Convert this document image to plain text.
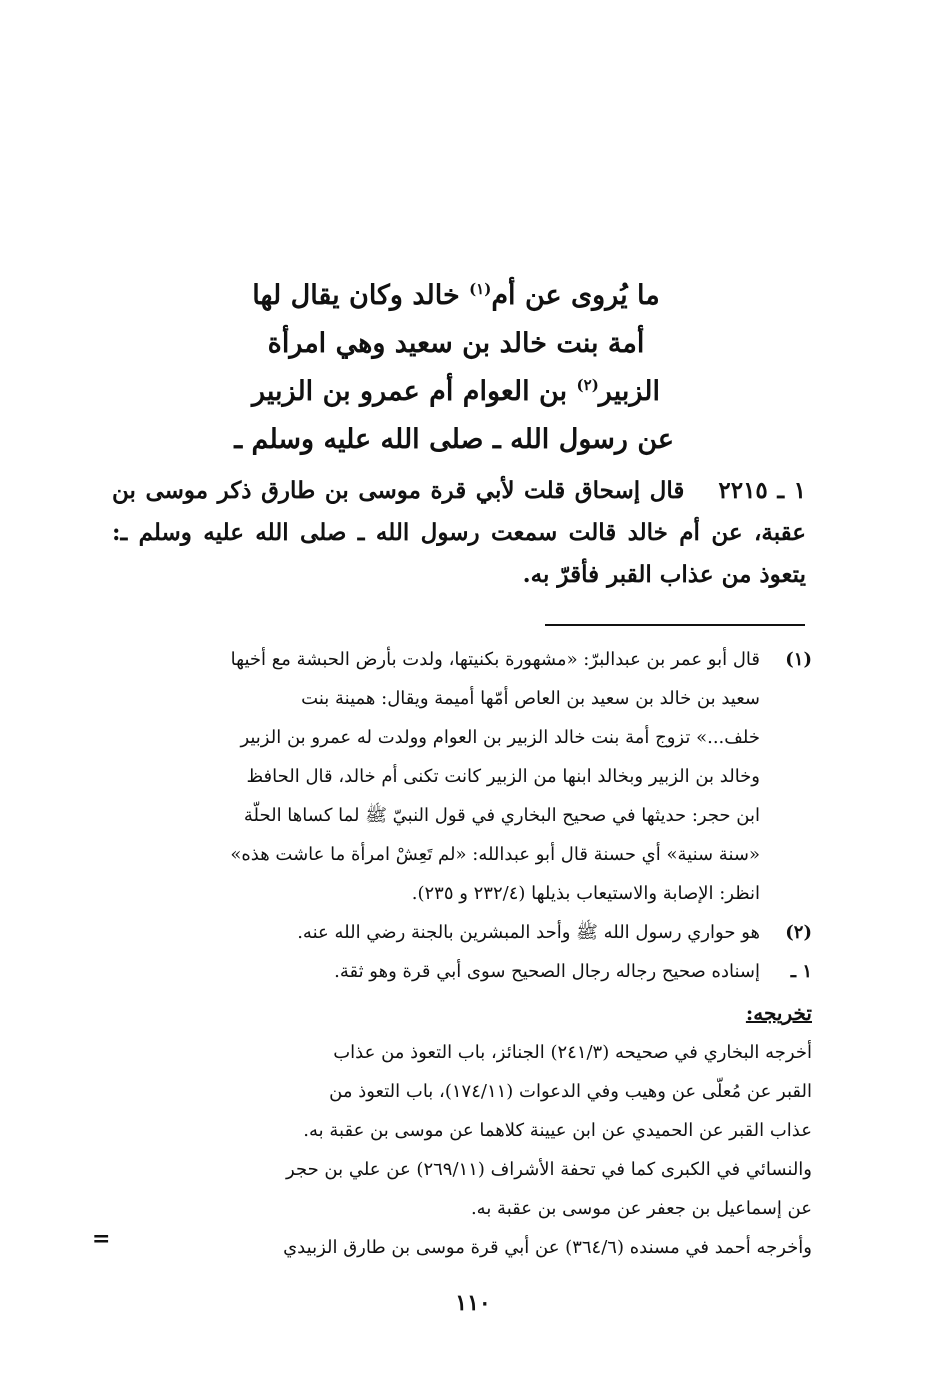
ما يُروى عن أم$^{(١)}$ خالد وكان يقال لها
أمة بنت خالد بن سعيد وهي امرأة
الزبير$^{(٢)}$ بن العوام أم عمرو بن الزبير
عن رسول الله ـ صلى الله عليه وسلم ـ
١ ـ ٢٢١٥قال إسحاق قلت لأبي قرة موسى بن طارق ذكر موسى بن عقبة، عن أم خالد قالت سمعت رسول الله ـ صلى الله عليه وسلم ـ: يتعوذ من عذاب القبر فأقرّ به.
(١)
قال أبو عمر بن عبدالبرّ: «مشهورة بكنيتها، ولدت بأرض الحبشة مع أخيها
سعيد بن خالد بن سعيد بن العاص أمّها أميمة ويقال: همينة بنت
خلف...» تزوج أمة بنت خالد الزبير بن العوام وولدت له عمرو بن الزبير
وخالد بن الزبير وبخالد ابنها من الزبير كانت تكنى أم خالد، قال الحافظ
ابن حجر: حديثها في صحيح البخاري في قول النبيّ ﷺ لما كساها الحلّة
«سنة سنية» أي حسنة قال أبو عبدالله: «لم تَعِشْ امرأة ما عاشت هذه»
انظر: الإصابة والاستيعاب بذيلها (٢٣٢/٤ و ٢٣٥).
(٢)
هو حواري رسول الله ﷺ وأحد المبشرين بالجنة رضي الله عنه.
١ ـ
إسناده صحيح رجاله رجال الصحيح سوى أبي قرة وهو ثقة.
تخريجه:
أخرجه البخاري في صحيحه (٢٤١/٣) الجنائز، باب التعوذ من عذاب
القبر عن مُعلّى عن وهيب وفي الدعوات (١٧٤/١١)، باب التعوذ من
عذاب القبر عن الحميدي عن ابن عيينة كلاهما عن موسى بن عقبة به.
والنسائي في الكبرى كما في تحفة الأشراف (٢٦٩/١١) عن علي بن حجر
عن إسماعيل بن جعفر عن موسى بن عقبة به.
وأخرجه أحمد في مسنده (٣٦٤/٦) عن أبي قرة موسى بن طارق الزبيدي
=
١١٠
